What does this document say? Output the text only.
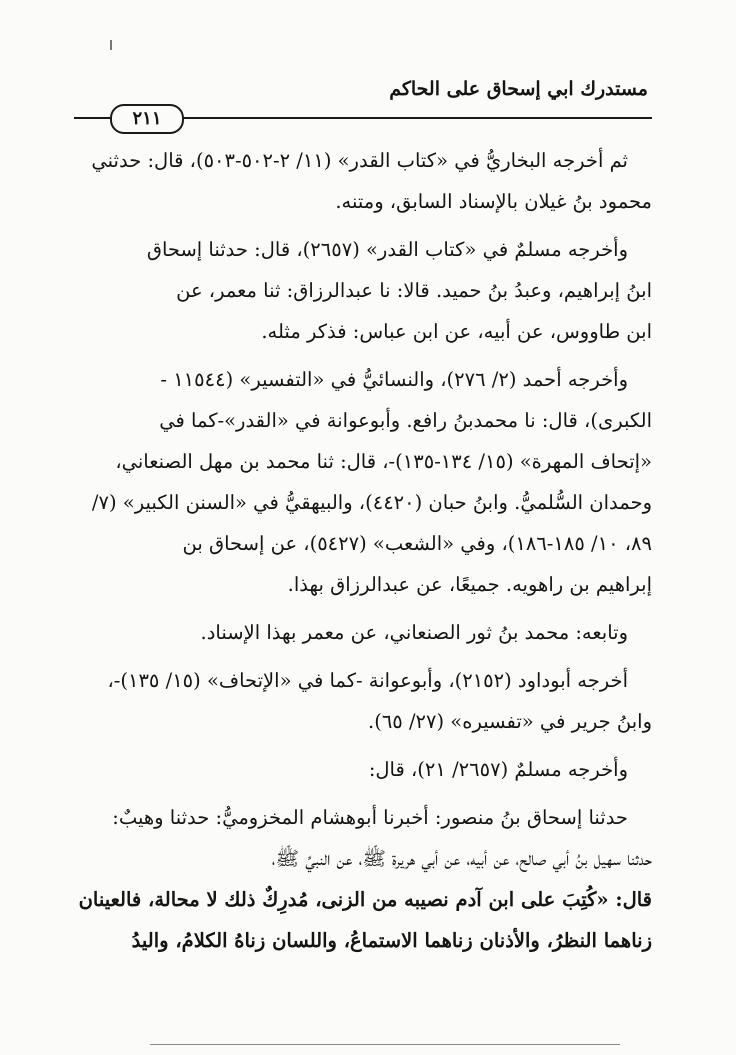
مستدرك ابي إسحاق على الحاكم
٢١١
ثم أخرجه البخاريُّ في «كتاب القدر» (١١/ ٢-٥٠٢-٥٠٣)، قال: حدثني
محمود بنُ غيلان بالإسناد السابق، ومتنه.
وأخرجه مسلمٌ في «كتاب القدر» (٢٦٥٧)، قال: حدثنا إسحاق
ابنُ إبراهيم، وعبدُ بنُ حميد. قالا: نا عبدالرزاق: ثنا معمر، عن
ابن طاووس، عن أبيه، عن ابن عباس: فذكر مثله.
وأخرجه أحمد (٢/ ٢٧٦)، والنسائيُّ في «التفسير» (١١٥٤٤ -
الكبرى)، قال: نا محمدبنُ رافع. وأبوعوانة في «القدر»-كما في
«إتحاف المهرة» (١٥/ ١٣٤-١٣٥)-، قال: ثنا محمد بن مهل الصنعاني،
وحمدان السُّلميُّ. وابنُ حبان (٤٤٢٠)، والبيهقيُّ في «السنن الكبير» (٧/
٨٩، ١٠/ ١٨٥-١٨٦)، وفي «الشعب» (٥٤٢٧)، عن إسحاق بن
إبراهيم بن راهويه. جميعًا، عن عبدالرزاق بهذا.
وتابعه: محمد بنُ ثور الصنعاني، عن معمر بهذا الإسناد.
أخرجه أبوداود (٢١٥٢)، وأبوعوانة -كما في «الإتحاف» (١٥/ ١٣٥)-،
وابنُ جرير في «تفسيره» (٢٧/ ٦٥).
وأخرجه مسلمٌ (٢٦٥٧/ ٢١)، قال:
حدثنا إسحاق بنُ منصور: أخبرنا أبوهشام المخزوميُّ: حدثنا وهيبٌ:
حدثنا سهيل بنُ أبي صالح، عن أبيه، عن أبي هريرة ﷺ، عن النبيِّ ﷺ،
قال: «كُتِبَ على ابن آدم نصيبه من الزنى، مُدرِكٌ ذلك لا محالة، فالعينان
زناهما النظرُ، والأذنان زناهما الاستماعُ، واللسان زناهُ الكلامُ، واليدُ
